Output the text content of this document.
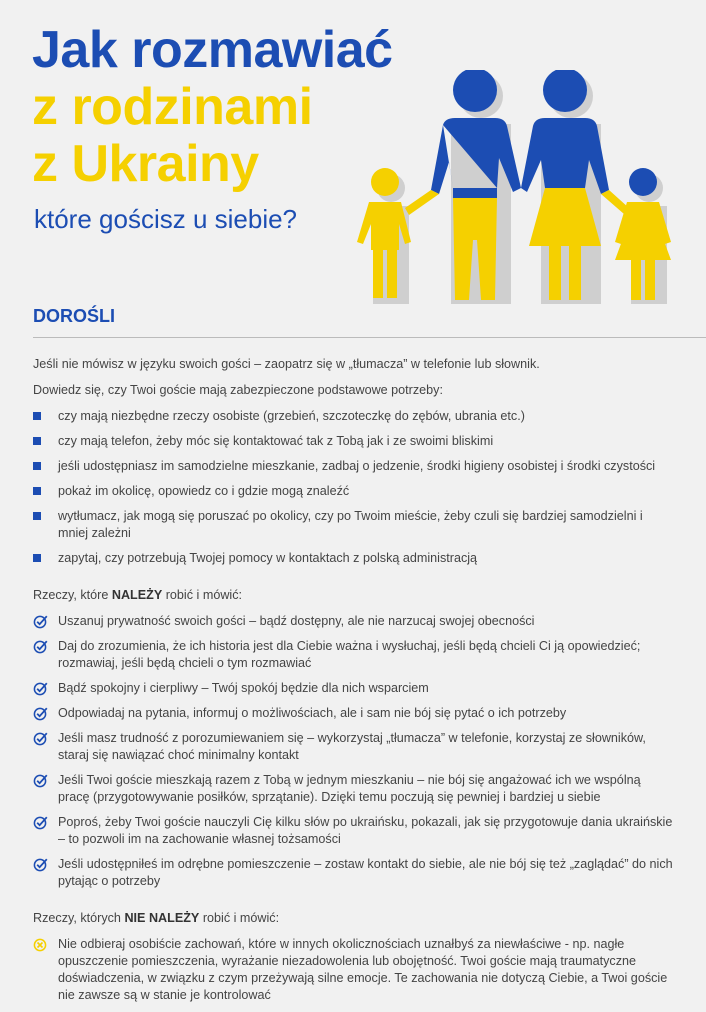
Jak rozmawiać
z rodzinami
z Ukrainy
które gościsz u siebie?
DOROŚLI

Jeśli nie mówisz w języku swoich gości – zaopatrz się w „tłumacza” w telefonie lub słownik.

Dowiedz się, czy Twoi goście mają zabezpieczone podstawowe potrzeby:

czy mają niezbędne rzeczy osobiste (grzebień, szczoteczkę do zębów, ubrania etc.)
czy mają telefon, żeby móc się kontaktować tak z Tobą jak i ze swoimi bliskimi
jeśli udostępniasz im samodzielne mieszkanie, zadbaj o jedzenie, środki higieny osobistej i środki czystości
pokaż im okolicę, opowiedz co i gdzie mogą znaleźć
wytłumacz, jak mogą się poruszać po okolicy, czy po Twoim mieście, żeby czuli się bardziej samodzielni i mniej zależni
zapytaj, czy potrzebują Twojej pomocy w kontaktach z polską administracją

Rzeczy, które NALEŻY robić i mówić:

Uszanuj prywatność swoich gości – bądź dostępny, ale nie narzucaj swojej obecności
Daj do zrozumienia, że ich historia jest dla Ciebie ważna i wysłuchaj, jeśli będą chcieli Ci ją opowiedzieć; rozmawiaj, jeśli będą chcieli o tym rozmawiać
Bądź spokojny i cierpliwy – Twój spokój będzie dla nich wsparciem
Odpowiadaj na pytania, informuj o możliwościach, ale i sam nie bój się pytać o ich potrzeby
Jeśli masz trudność z porozumiewaniem się – wykorzystaj „tłumacza” w telefonie, korzystaj ze słowników, staraj się nawiązać choć minimalny kontakt
Jeśli Twoi goście mieszkają razem z Tobą w jednym mieszkaniu – nie bój się angażować ich we wspólną pracę (przygotowywanie posiłków, sprzątanie). Dzięki temu poczują się pewniej i bardziej u siebie
Poproś, żeby Twoi goście nauczyli Cię kilku słów po ukraińsku, pokazali, jak się przygotowuje dania ukraińskie – to pozwoli im na zachowanie własnej tożsamości
Jeśli udostępniłeś im odrębne pomieszczenie – zostaw kontakt do siebie, ale nie bój się też „zaglądać” do nich pytając o potrzeby

Rzeczy, których NIE NALEŻY robić i mówić:

Nie odbieraj osobiście zachowań, które w innych okolicznościach uznałbyś za niewłaściwe - np. nagłe opuszczenie pomieszczenia, wyrażanie niezadowolenia lub obojętność. Twoi goście mają traumatyczne doświadczenia, w związku z czym przeżywają silne emocje. Te zachowania nie dotyczą Ciebie, a Twoi goście nie zawsze są w stanie je kontrolować
